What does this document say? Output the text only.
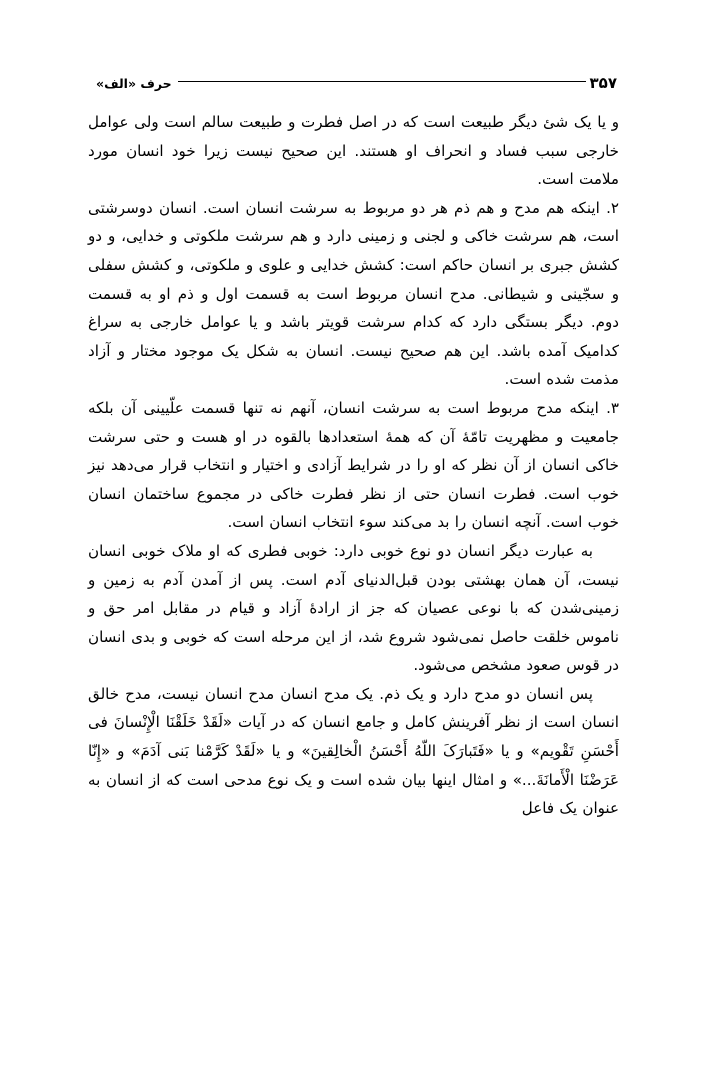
۳۵۷
حرف «الف»

و یا یک شئ دیگر طبیعت است که در اصل فطرت و طبیعت سالم است ولی عوامل خارجی سبب فساد و انحراف او هستند. این صحیح نیست زیرا خود انسان مورد ملامت است.

۲. اینکه هم مدح و هم ذم هر دو مربوط به سرشت انسان است. انسان دوسرشتی است، هم سرشت خاکی و لجنی و زمینی دارد و هم سرشت ملکوتی و خدایی، و دو کشش جبری بر انسان حاکم است: کشش خدایی و علوی و ملکوتی، و کشش سفلی و سجّینی و شیطانی. مدح انسان مربوط است به قسمت اول و ذم او به قسمت دوم. دیگر بستگی دارد که کدام سرشت قویتر باشد و یا عوامل خارجی به سراغ کدامیک آمده باشد. این هم صحیح نیست. انسان به شکل یک موجود مختار و آزاد مذمت شده است.

۳. اینکه مدح مربوط است به سرشت انسان، آنهم نه تنها قسمت علّیینی آن بلکه جامعیت و مظهریت تامّهٔ آن که همهٔ استعدادها بالقوه در او هست و حتی سرشت خاکی انسان از آن نظر که او را در شرایط آزادی و اختیار و انتخاب قرار می‌دهد نیز خوب است. فطرت انسان حتی از نظر فطرت خاکی در مجموع ساختمان انسان خوب است. آنچه انسان را بد می‌کند سوء انتخاب انسان است.

به عبارت دیگر انسان دو نوع خوبی دارد: خوبی فطری که او ملاک خوبی انسان نیست، آن همان بهشتی بودن قبل‌الدنیای آدم است. پس از آمدن آدم به زمین و زمینی‌شدن که با نوعی عصیان که جز از ارادهٔ آزاد و قیام در مقابل امر حق و ناموس خلقت حاصل نمی‌شود شروع شد، از این مرحله است که خوبی و بدی انسان در قوس صعود مشخص می‌شود.

پس انسان دو مدح دارد و یک ذم. یک مدح انسان مدح انسان نیست، مدح خالق انسان است از نظر آفرینش کامل و جامع انسان که در آیات «لَقَدْ خَلَقْنَا الْإِنْسانَ فی أَحْسَنِ تَقْویم» و یا «فَتَبارَکَ اللّهُ أَحْسَنُ الْخالِقینَ» و یا «لَقَدْ کَرَّمْنا بَنی آدَمَ» و «إِنّا عَرَضْنَا الْأَمانَةَ...» و امثال اینها بیان شده است و یک نوع مدحی است که از انسان به عنوان یک فاعل
